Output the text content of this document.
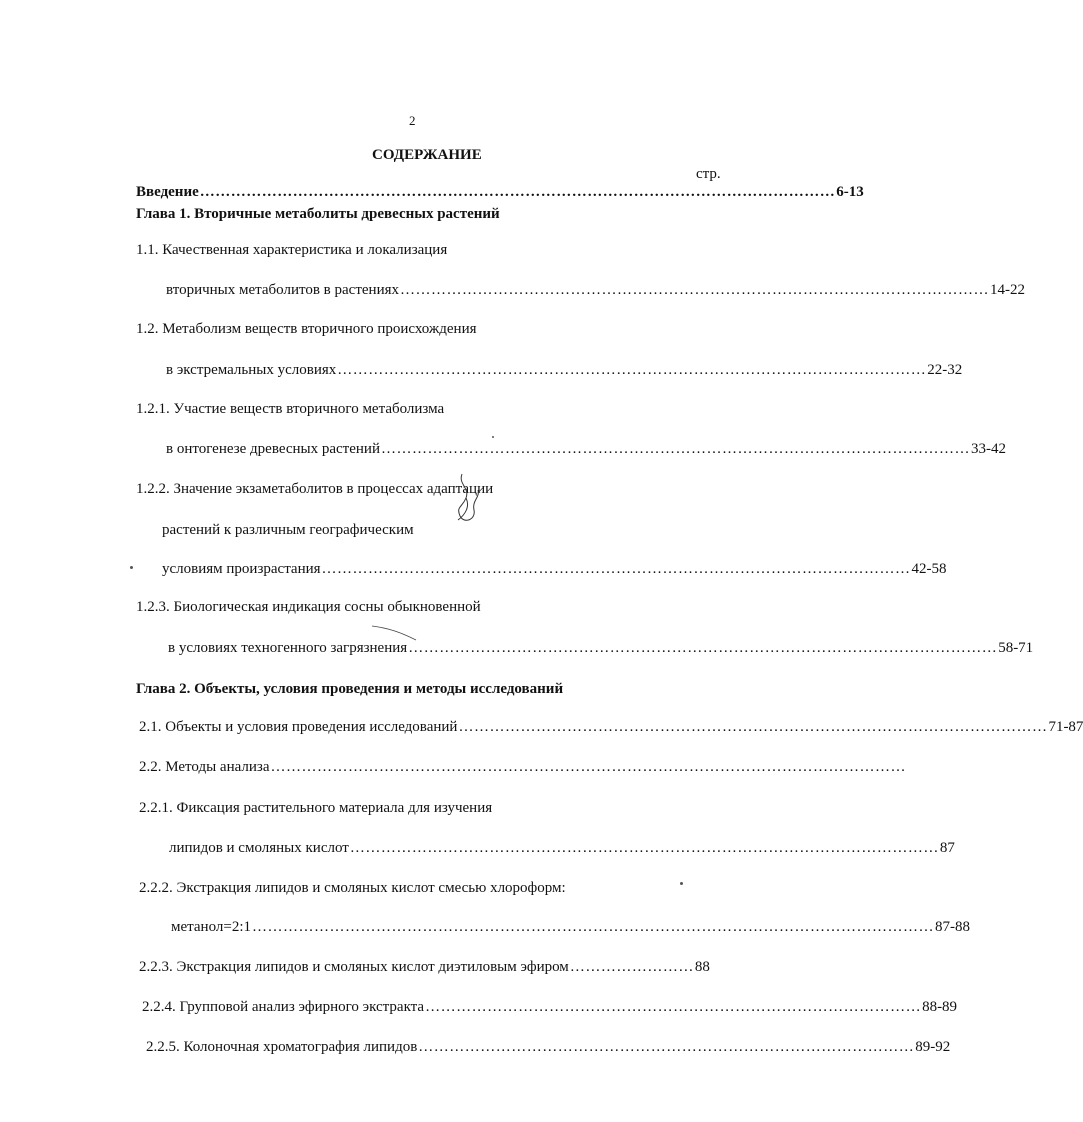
2
СОДЕРЖАНИЕ
стр.
Введение …………………………………………………………………………………………………………… 6-13
Глава 1. Вторичные метаболиты древесных растений
1.1. Качественная характеристика и локализация
вторичных метаболитов в растениях …………………………………………………………………………………………………… 14-22
1.2. Метаболизм веществ вторичного происхождения
в экстремальных условиях …………………………………………………………………………………………………… 22-32
1.2.1. Участие веществ вторичного метаболизма
в онтогенезе древесных растений …………………………………………………………………………………………………… 33-42
1.2.2. Значение экзаметаболитов в процессах адаптации
растений к различным географическим
условиям произрастания …………………………………………………………………………………………………… 42-58
1.2.3. Биологическая индикация сосны обыкновенной
в условиях техногенного загрязнения …………………………………………………………………………………………………… 58-71
Глава 2. Объекты, условия проведения и методы исследований
2.1. Объекты и условия проведения исследований …………………………………………………………………………………………………… 71-87
2.2. Методы анализа ……………………………………………………………………………………………………………
2.2.1. Фиксация растительного материала для изучения
липидов и смоляных кислот …………………………………………………………………………………………………… 87
2.2.2. Экстракция липидов и смоляных кислот смесью хлороформ:
метанол=2:1 …………………………………………………………………………………………………………………… 87-88
2.2.3. Экстракция липидов и смоляных кислот диэтиловым эфиром …………………… 88
2.2.4. Групповой анализ эфирного экстракта …………………………………………………………………………………… 88-89
2.2.5. Колоночная хроматография липидов …………………………………………………………………………………… 89-92
